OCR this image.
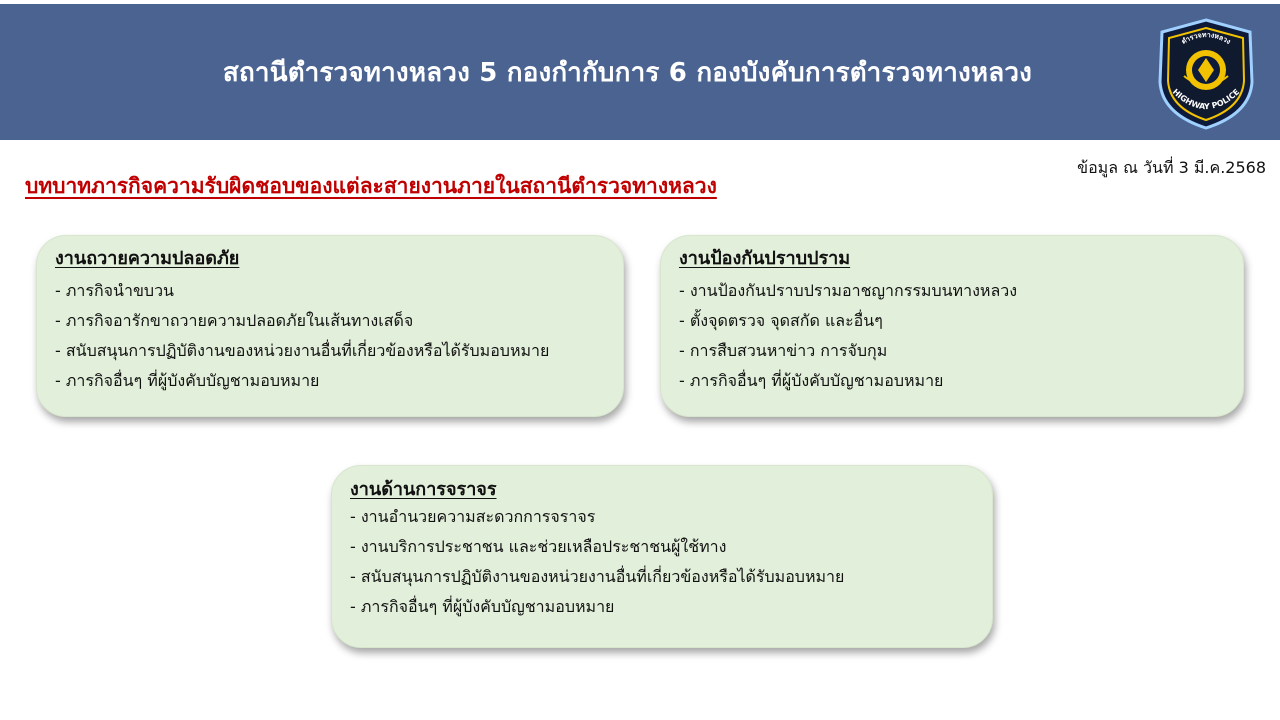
สถานีตำรวจทางหลวง 5 กองกำกับการ 6 กองบังคับการตำรวจทางหลวง
ตำรวจทางหลวง
HIGHWAY POLICE
ข้อมูล ณ วันที่ 3 มี.ค.2568
บทบาทภารกิจความรับผิดชอบของแต่ละสายงานภายในสถานีตำรวจทางหลวง
งานถวายความปลอดภัย
- ภารกิจนำขบวน
- ภารกิจอารักขาถวายความปลอดภัยในเส้นทางเสด็จ
- สนับสนุนการปฏิบัติงานของหน่วยงานอื่นที่เกี่ยวข้องหรือได้รับมอบหมาย
- ภารกิจอื่นๆ ที่ผู้บังคับบัญชามอบหมาย
งานป้องกันปราบปราม
- งานป้องกันปราบปรามอาชญากรรมบนทางหลวง
- ตั้งจุดตรวจ จุดสกัด และอื่นๆ
- การสืบสวนหาข่าว การจับกุม
- ภารกิจอื่นๆ ที่ผู้บังคับบัญชามอบหมาย
งานด้านการจราจร
- งานอำนวยความสะดวกการจราจร
- งานบริการประชาชน และช่วยเหลือประชาชนผู้ใช้ทาง
- สนับสนุนการปฏิบัติงานของหน่วยงานอื่นที่เกี่ยวข้องหรือได้รับมอบหมาย
- ภารกิจอื่นๆ ที่ผู้บังคับบัญชามอบหมาย
